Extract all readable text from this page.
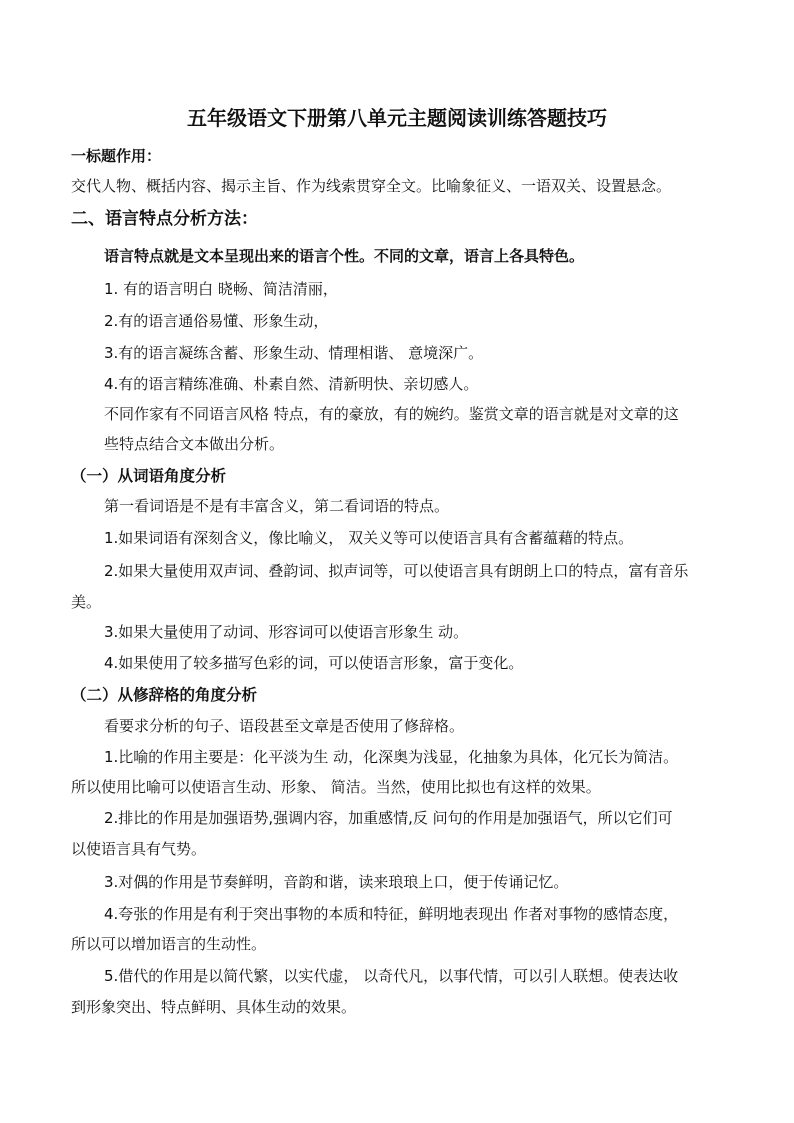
五年级语文下册第八单元主题阅读训练答题技巧

一标题作用：

交代人物、概括内容、揭示主旨、作为线索贯穿全文。比喻象征义、一语双关、设置悬念。

二、语言特点分析方法：

语言特点就是文本呈现出来的语言个性。不同的文章，语言上各具特色。

1. 有的语言明白 晓畅、简洁清丽，

2.有的语言通俗易懂、形象生动，

3.有的语言凝练含蓄、形象生动、情理相谐、 意境深广。

4.有的语言精练准确、朴素自然、清新明快、亲切感人。

不同作家有不同语言风格 特点，有的豪放，有的婉约。鉴赏文章的语言就是对文章的这

些特点结合文本做出分析。

（一）从词语角度分析

第一看词语是不是有丰富含义，第二看词语的特点。

1.如果词语有深刻含义，像比喻义， 双关义等可以使语言具有含蓄蕴藉的特点。

2.如果大量使用双声词、叠韵词、拟声词等，可以使语言具有朗朗上口的特点，富有音乐

美。

3.如果大量使用了动词、形容词可以使语言形象生 动。

4.如果使用了较多描写色彩的词，可以使语言形象，富于变化。

（二）从修辞格的角度分析

看要求分析的句子、语段甚至文章是否使用了修辞格。

1.比喻的作用主要是：化平淡为生 动，化深奥为浅显，化抽象为具体，化冗长为简洁。

所以使用比喻可以使语言生动、形象、 简洁。当然，使用比拟也有这样的效果。

2.排比的作用是加强语势,强调内容，加重感情,反 问句的作用是加强语气，所以它们可

以使语言具有气势。

3.对偶的作用是节奏鲜明，音韵和谐，读来琅琅上口，便于传诵记忆。

4.夸张的作用是有利于突出事物的本质和特征，鲜明地表现出 作者对事物的感情态度，

所以可以增加语言的生动性。

5.借代的作用是以简代繁，以实代虚， 以奇代凡，以事代情，可以引人联想。使表达收

到形象突出、特点鲜明、具体生动的效果。
